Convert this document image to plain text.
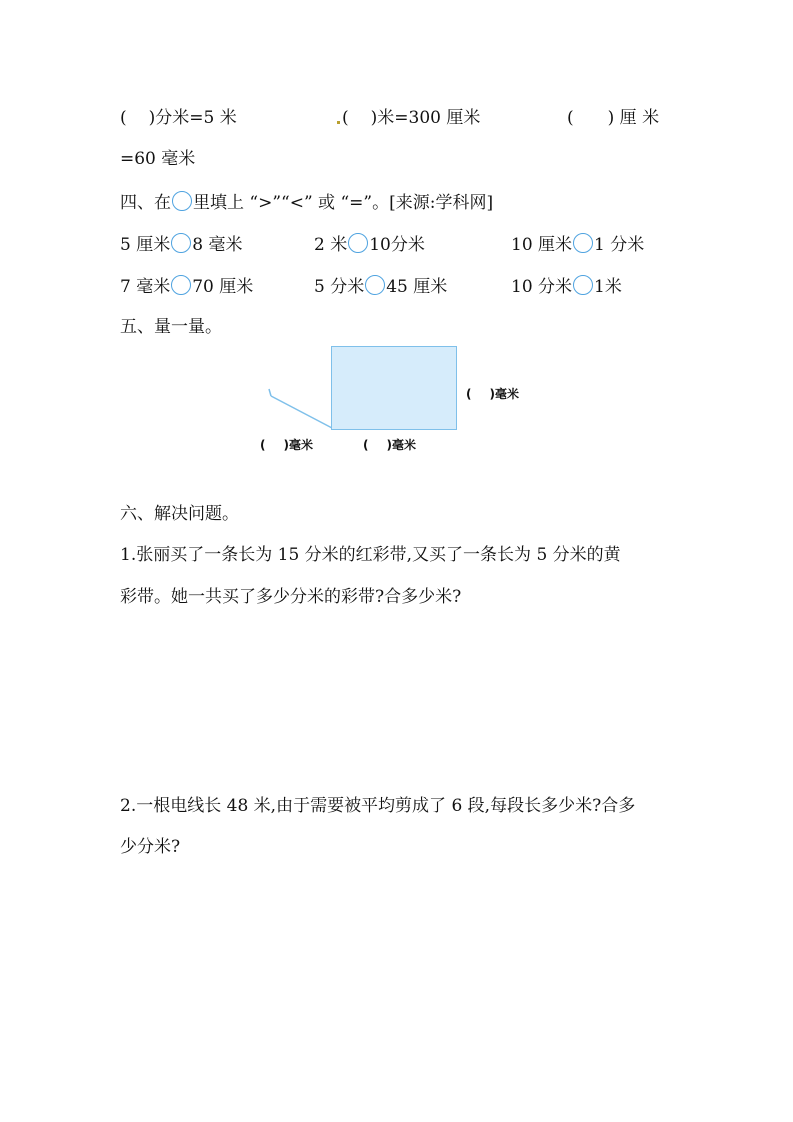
( )分米=5 米	( )米=300 厘米	( ) 厘 米
=60 毫米
四、在 里填上 “>”“<” 或 “=”。[来源:学科网]
5 厘米 8 毫米	2 米 10分米	10 厘米 1 分米
7 毫米 70 厘米	5 分米 45 厘米	10 分米 1米
五、量一量。
( )毫米
( )毫米	( )毫米
六、解决问题。
1.张丽买了一条长为 15 分米的红彩带,又买了一条长为 5 分米的黄
彩带。她一共买了多少分米的彩带?合多少米?
2.一根电线长 48 米,由于需要被平均剪成了 6 段,每段长多少米?合多
少分米?
